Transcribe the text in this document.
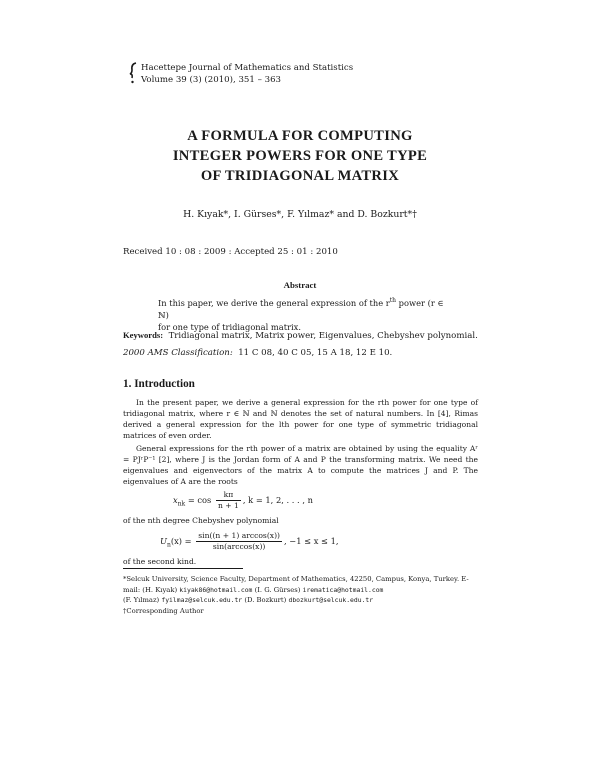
Hacettepe Journal of Mathematics and Statistics
Volume 39 (3) (2010), 351 – 363
A FORMULA FOR COMPUTING
INTEGER POWERS FOR ONE TYPE
OF TRIDIAGONAL MATRIX
H. Kıyak*, I. Gürses*, F. Yılmaz* and D. Bozkurt*†
Received 10 : 08 : 2009 : Accepted 25 : 01 : 2010
Abstract
In this paper, we derive the general expression of the $r^{th}$ power (r ∈ ℕ)
for one type of tridiagonal matrix.
Keywords: Tridiagonal matrix, Matrix power, Eigenvalues, Chebyshev polynomial.
2000 AMS Classification: 11 C 08, 40 C 05, 15 A 18, 12 E 10.
1. Introduction
In the present paper, we derive a general expression for the rth power for one type of tridiagonal matrix, where r ∈ ℕ and ℕ denotes the set of natural numbers. In [4], Rimas derived a general expression for the lth power for one type of symmetric tridiagonal matrices of even order.
General expressions for the rth power of a matrix are obtained by using the equality Aʳ = PJʳP⁻¹ [2], where J is the Jordan form of A and P the transforming matrix. We need the eigenvalues and eigenvectors of the matrix A to compute the matrices J and P. The eigenvalues of A are the roots
$x_{nk} = \cos \frac{k\pi}{n + 1}$ , k = 1, 2, . . . , n
of the nth degree Chebyshev polynomial
$U_n(x) = \frac{\sin((n + 1) \arccos(x))}{\sin(\arccos(x))}$ , −1 ≤ x ≤ 1,
of the second kind.
*Selcuk University, Science Faculty, Department of Mathematics, 42250, Campus, Konya, Turkey. E-mail: (H. Kıyak) kiyak86@hotmail.com (I. G. Gürses) irematica@hotmail.com
(F. Yılmaz) fyilmaz@selcuk.edu.tr (D. Bozkurt) dbozkurt@selcuk.edu.tr
†Corresponding Author
